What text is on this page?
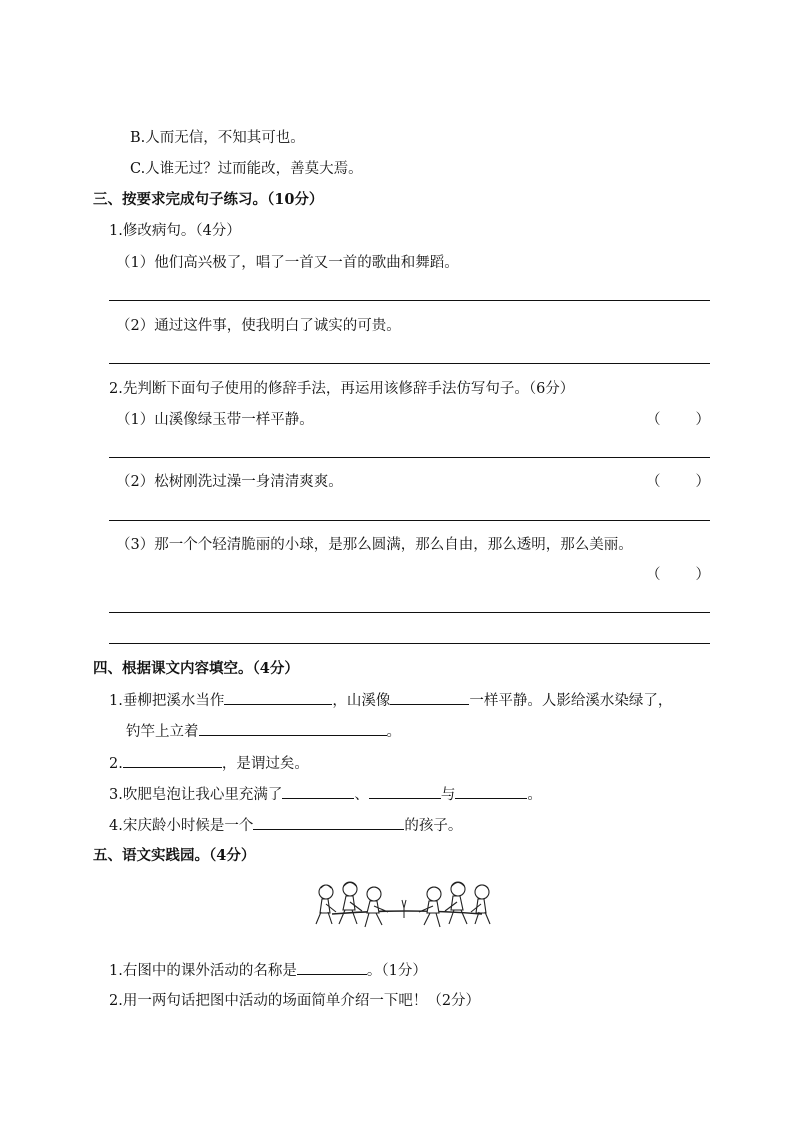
B.人而无信，不知其可也。
C.人谁无过？过而能改，善莫大焉。
三、按要求完成句子练习。（10分）
1.修改病句。（4分）
（1）他们高兴极了，唱了一首又一首的歌曲和舞蹈。
（2）通过这件事，使我明白了诚实的可贵。
2.先判断下面句子使用的修辞手法，再运用该修辞手法仿写句子。（6分）
（1）山溪像绿玉带一样平静。	（ ）
（2）松树刚洗过澡一身清清爽爽。	（ ）
（3）那一个个轻清脆丽的小球，是那么圆满，那么自由，那么透明，那么美丽。
（ ）
四、根据课文内容填空。（4分）
1.垂柳把溪水当作	，山溪像	一样平静。人影给溪水染绿了，
钓竿上立着	。
2.	，是谓过矣。
3.吹肥皂泡让我心里充满了	、	与	。
4.宋庆龄小时候是一个	的孩子。
五、语文实践园。（4分）
1.右图中的课外活动的名称是	。（1分）
2.用一两句话把图中活动的场面简单介绍一下吧！（2分）
